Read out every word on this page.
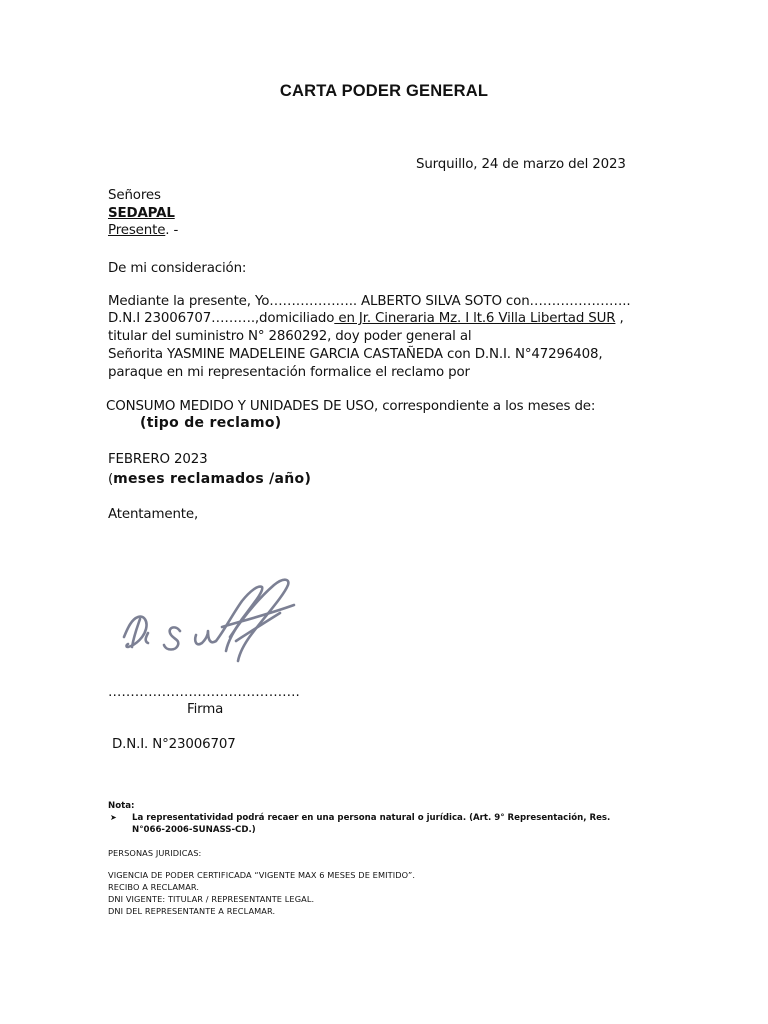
CARTA PODER GENERAL
Surquillo, 24 de marzo del 2023
Señores
SEDAPAL
Presente. -
De mi consideración:
Mediante la presente, Yo……………….. ALBERTO SILVA SOTO con…………………..
D.N.I 23006707……….,domiciliado en Jr. Cineraria Mz. I lt.6 Villa Libertad SUR ,
titular del suministro N° 2860292, doy poder general al
Señorita YASMINE MADELEINE GARCIA CASTAÑEDA con D.N.I. N°47296408,
paraque en mi representación formalice el reclamo por
CONSUMO MEDIDO Y UNIDADES DE USO, correspondiente a los meses de:
(tipo de reclamo)
FEBRERO 2023
(meses reclamados /año)
Atentamente,
…………………………………….
Firma
D.N.I. N°23006707
Nota:
➤ La representatividad podrá recaer en una persona natural o jurídica. (Art. 9° Representación, Res.
N°066-2006-SUNASS-CD.)
PERSONAS JURIDICAS:
VIGENCIA DE PODER CERTIFICADA “VIGENTE MAX 6 MESES DE EMITIDO”.
RECIBO A RECLAMAR.
DNI VIGENTE: TITULAR / REPRESENTANTE LEGAL.
DNI DEL REPRESENTANTE A RECLAMAR.
